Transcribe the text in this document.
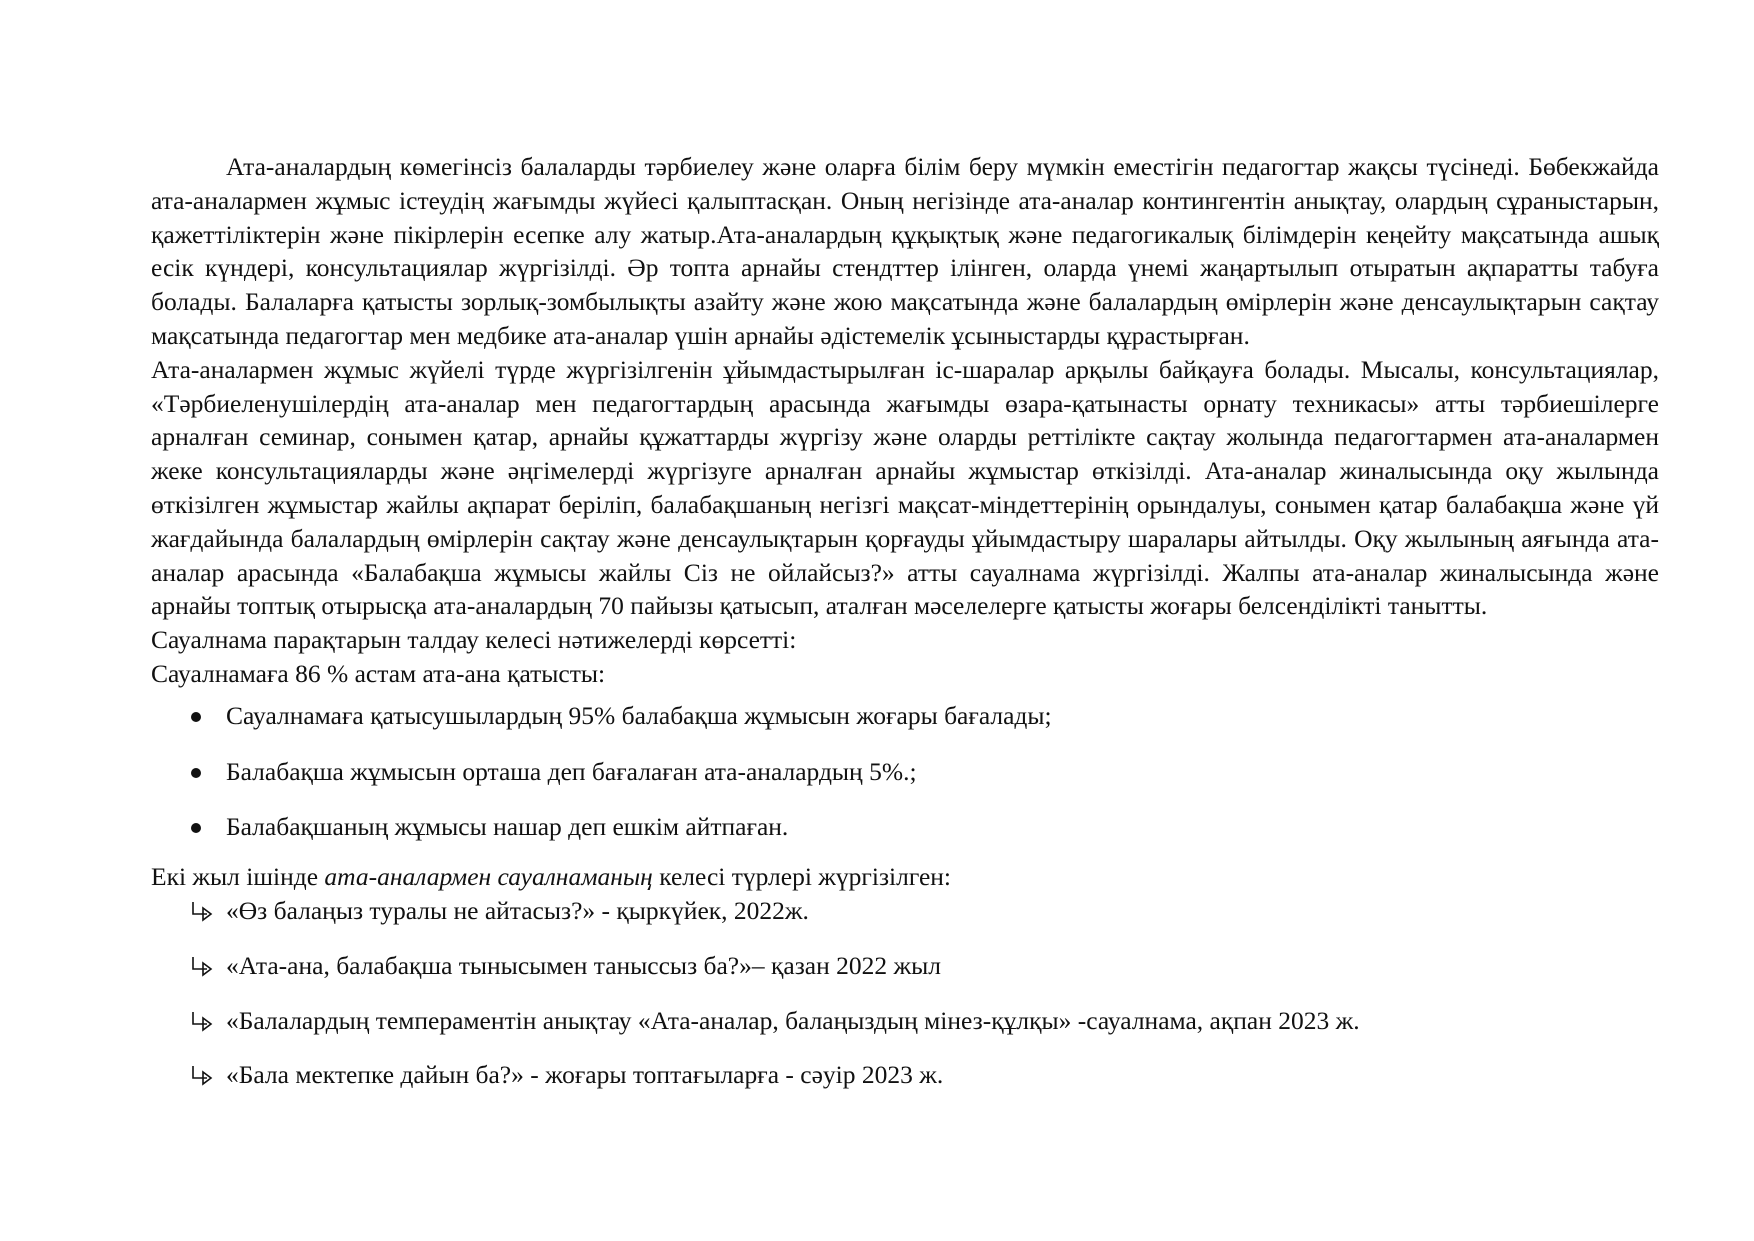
Ата-аналардың көмегінсіз балаларды тәрбиелеу және оларға білім беру мүмкін еместігін педагогтар жақсы түсінеді. Бөбекжайда ата-аналармен жұмыс істеудің жағымды жүйесі қалыптасқан. Оның негізінде ата-аналар контингентін анықтау, олардың сұраныстарын, қажеттіліктерін және пікірлерін есепке алу жатыр.Ата-аналардың құқықтық және педагогикалық білімдерін кеңейту мақсатында ашық есік күндері, консультациялар жүргізілді. Әр топта арнайы стендттер ілінген, оларда үнемі жаңартылып отыратын ақпаратты табуға болады. Балаларға қатысты зорлық-зомбылықты азайту және жою мақсатында және балалардың өмірлерін және денсаулықтарын сақтау мақсатында педагогтар мен медбике ата-аналар үшін арнайы әдістемелік ұсыныстарды құрастырған.

Ата-аналармен жұмыс жүйелі түрде жүргізілгенін ұйымдастырылған іс-шаралар арқылы байқауға болады. Мысалы, консультациялар, «Тәрбиеленушілердің ата-аналар мен педагогтардың арасында жағымды өзара-қатынасты орнату техникасы» атты тәрбиешілерге арналған семинар, сонымен қатар, арнайы құжаттарды жүргізу және оларды реттілікте сақтау жолында педагогтармен ата-аналармен жеке консультацияларды және әңгімелерді жүргізуге арналған арнайы жұмыстар өткізілді. Ата-аналар жиналысында оқу жылында өткізілген жұмыстар жайлы ақпарат беріліп, балабақшаның негізгі мақсат-міндеттерінің орындалуы, сонымен қатар балабақша және үй жағдайында балалардың өмірлерін сақтау және денсаулықтарын қорғауды ұйымдастыру шаралары айтылды. Оқу жылының аяғында ата-аналар арасында «Балабақша жұмысы жайлы Сіз не ойлайсыз?» атты сауалнама жүргізілді. Жалпы ата-аналар жиналысында және арнайы топтық отырысқа ата-аналардың 70 пайызы қатысып, аталған мәселелерге қатысты жоғары белсенділікті танытты.

Сауалнама парақтарын талдау келесі нәтижелерді көрсетті:

Сауалнамаға 86 % астам ата-ана қатысты:

Сауалнамаға қатысушылардың 95% балабақша жұмысын жоғары бағалады;
Балабақша жұмысын орташа деп бағалаған ата-аналардың 5%.;
Балабақшаның жұмысы нашар деп ешкім айтпаған.

Екі жыл ішінде ата-аналармен сауалнаманың келесі түрлері жүргізілген:

«Өз балаңыз туралы не айтасыз?» - қыркүйек, 2022ж.
«Ата-ана, балабақша тынысымен таныссыз ба?»– қазан 2022 жыл
«Балалардың темпераментін анықтау «Ата-аналар, балаңыздың мінез-құлқы» -сауалнама, ақпан 2023 ж.
«Бала мектепке дайын ба?» - жоғары топтағыларға - сәуір 2023 ж.
